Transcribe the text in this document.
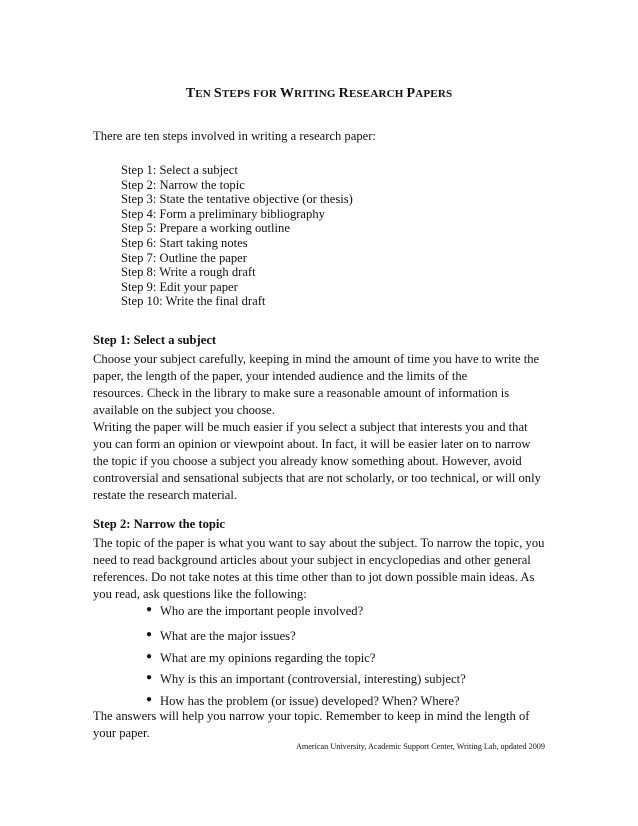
TEN STEPS FOR WRITING RESEARCH PAPERS
There are ten steps involved in writing a research paper:
Step 1: Select a subject
Step 2: Narrow the topic
Step 3: State the tentative objective (or thesis)
Step 4: Form a preliminary bibliography
Step 5: Prepare a working outline
Step 6: Start taking notes
Step 7: Outline the paper
Step 8: Write a rough draft
Step 9: Edit your paper
Step 10: Write the final draft
Step 1: Select a subject

Choose your subject carefully, keeping in mind the amount of time you have to write the
paper, the length of the paper, your intended audience and the limits of the
resources. Check in the library to make sure a reasonable amount of information is
available on the subject you choose.

Writing the paper will be much easier if you select a subject that interests you and that
you can form an opinion or viewpoint about. In fact, it will be easier later on to narrow
the topic if you choose a subject you already know something about. However, avoid
controversial and sensational subjects that are not scholarly, or too technical, or will only
restate the research material.

Step 2: Narrow the topic

The topic of the paper is what you want to say about the subject. To narrow the topic, you
need to read background articles about your subject in encyclopedias and other general
references. Do not take notes at this time other than to jot down possible main ideas. As
you read, ask questions like the following:

● Who are the important people involved?
● What are the major issues?
● What are my opinions regarding the topic?
● Why is this an important (controversial, interesting) subject?
● How has the problem (or issue) developed? When? Where?

The answers will help you narrow your topic. Remember to keep in mind the length of
your paper.

American University, Academic Support Center, Writing Lab, updated 2009
